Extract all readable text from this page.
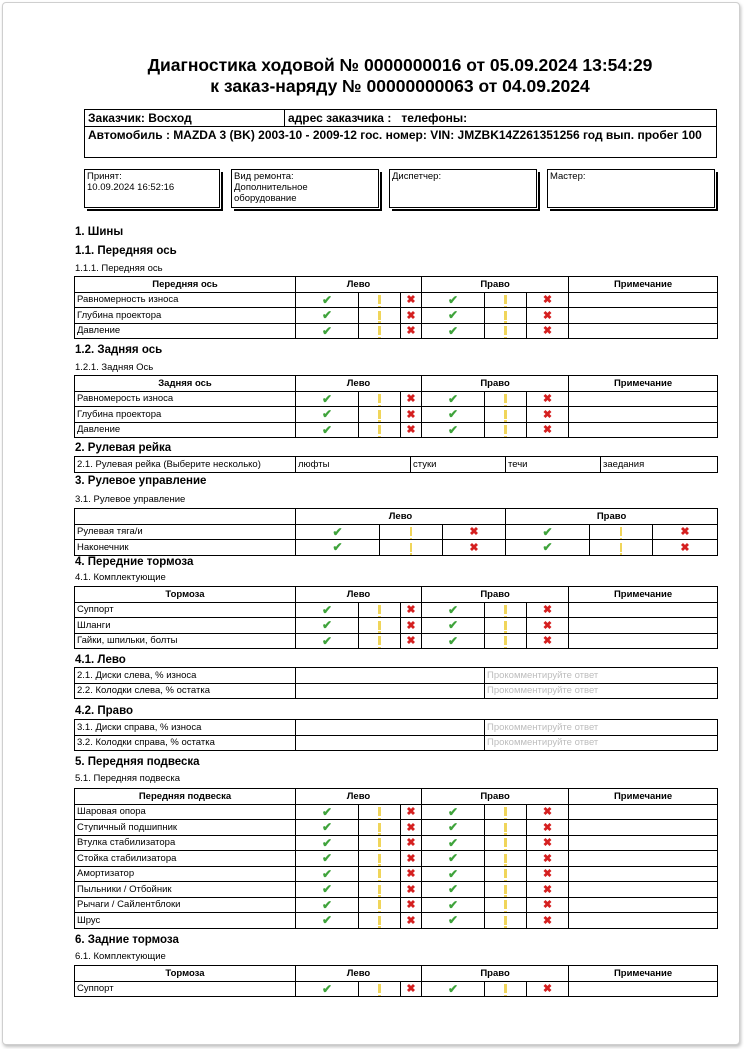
Диагностика ходовой № 0000000016 от 05.09.2024 13:54:29
к заказ-наряду № 00000000063 от 04.09.2024
Заказчик: Восход	адрес заказчика :   телефоны:
Автомобиль : MAZDA 3 (BK) 2003-10 - 2009-12 гос. номер: VIN: JMZBK14Z261351256 год вып. пробег 100
Принят:
10.09.2024 16:52:16
Вид ремонта:
Дополнительное оборудование
Диспетчер:	Мастер:
1. Шины
1.1. Передняя ось
1.1.1. Передняя ось
Передняя ось	Лево			Право			Примечание
Равномерность износа	✔		✖	✔		✖	
Глубина проектора	✔		✖	✔		✖	
Давление	✔		✖	✔		✖	
1.2. Задняя ось
1.2.1. Задняя Ось
Задняя ось	Лево			Право			Примечание
Равномерость износа	✔		✖	✔		✖	
Глубина проектора	✔		✖	✔		✖	
Давление	✔		✖	✔		✖	
2. Рулевая рейка
2.1. Рулевая рейка (Выберите несколько)	люфты	стуки	течи	заедания
3. Рулевое управление
3.1. Рулевое управление
	Лево			Право		
Рулевая тяга/и	✔		✖	✔		✖
Наконечник	✔		✖	✔		✖
4. Передние тормоза
4.1. Комплектующие
Тормоза	Лево			Право			Примечание
Суппорт	✔		✖	✔		✖	
Шланги	✔		✖	✔		✖	
Гайки, шпильки, болты	✔		✖	✔		✖	
4.1. Лево
2.1. Диски слева, % износа		Прокомментируйте ответ
2.2. Колодки слева, % остатка		Прокомментируйте ответ
4.2. Право
3.1. Диски справа, % износа		Прокомментируйте ответ
3.2. Колодки справа, % остатка		Прокомментируйте ответ
5. Передняя подвеска
5.1. Передняя подвеска
Передняя подвеска	Лево			Право			Примечание
Шаровая опора	✔		✖	✔		✖	
Ступичный подшипник	✔		✖	✔		✖	
Втулка стабилизатора	✔		✖	✔		✖	
Стойка стабилизатора	✔		✖	✔		✖	
Амортизатор	✔		✖	✔		✖	
Пыльники / Отбойник	✔		✖	✔		✖	
Рычаги / Сайлентблоки	✔		✖	✔		✖	
Шрус	✔		✖	✔		✖	
6. Задние тормоза
6.1. Комплектующие
Тормоза	Лево			Право			Примечание
Суппорт	✔		✖	✔		✖	
